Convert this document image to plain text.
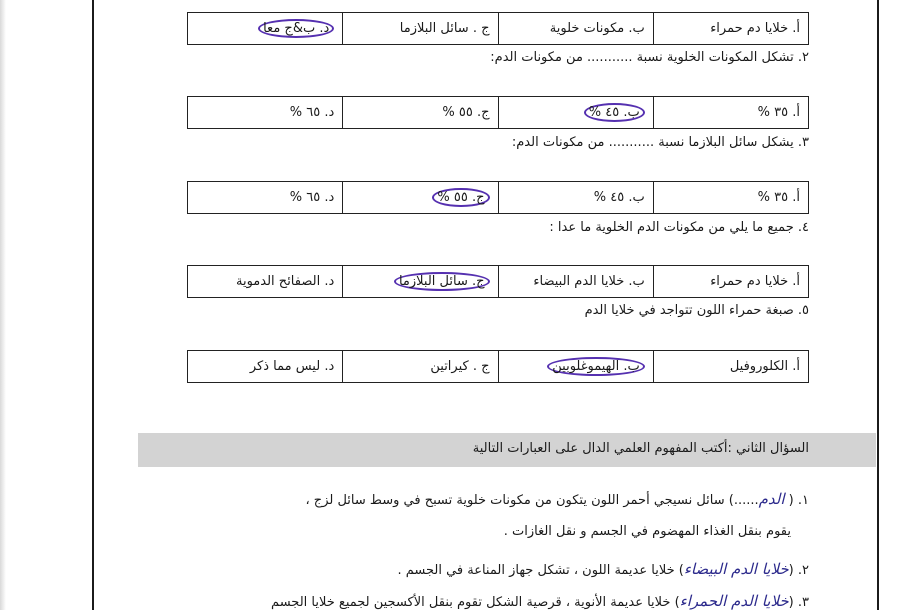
أ. خلايا دم حمراء	ب. مكونات خلوية	ج . سائل البلازما	د. ب&ج معا
٢. تشكل المكونات الخلوية نسبة ........... من مكونات الدم:
أ. ٣٥ %	ب. ٤٥ %	ج. ٥٥ %	د. ٦٥ %
٣. يشكل سائل البلازما نسبة ........... من مكونات الدم:
أ. ٣٥ %	ب. ٤٥ %	ج. ٥٥ %	د. ٦٥ %
٤. جميع ما يلي من مكونات الدم الخلوية ما عدا :
أ. خلايا دم حمراء	ب. خلايا الدم البيضاء	ج. سائل البلازما	د. الصفائح الدموية
٥. صبغة حمراء اللون تتواجد في خلايا الدم
أ. الكلوروفيل	ب. الهيموغلوبين	ج . كيراتين	د. ليس مما ذكر
السؤال الثاني :أكتب المفهوم العلمي الدال على العبارات التالية
١. ( الدم......) سائل نسيجي أحمر اللون يتكون من مكونات خلوية تسبح في وسط سائل لزج ،
يقوم بنقل الغذاء المهضوم في الجسم و نقل الغازات .
٢. (خلايا الدم البيضاء) خلايا عديمة اللون ، تشكل جهاز المناعة في الجسم .
٣. (خلايا الدم الحمراء) خلايا عديمة الأنوية ، قرصية الشكل تقوم بنقل الأكسجين لجميع خلايا الجسم
